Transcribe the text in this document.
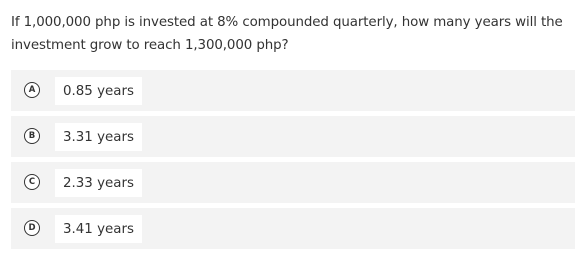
If 1,000,000 php is invested at 8% compounded quarterly, how many years will the investment grow to reach 1,300,000 php?

A	0.85 years
B	3.31 years
C	2.33 years
D	3.41 years
